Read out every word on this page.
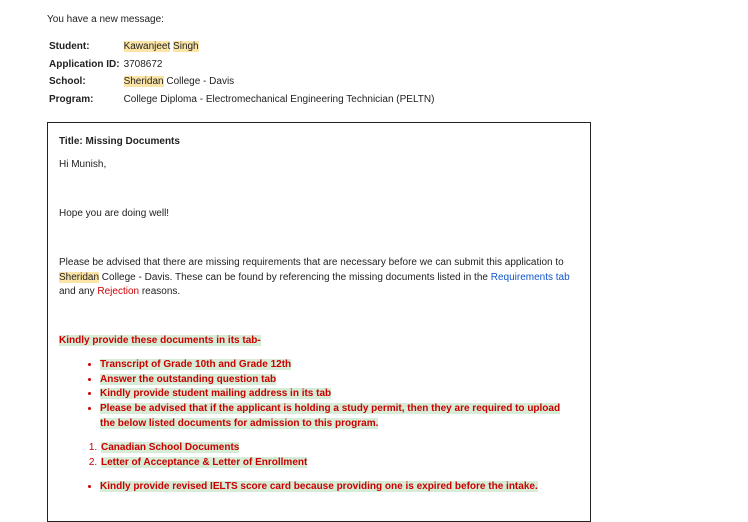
You have a new message:
Student:	Kawanjeet Singh
Application ID:	3708672
School:	Sheridan College - Davis
Program:	College Diploma - Electromechanical Engineering Technician (PELTN)

Title: Missing Documents

Hi Munish,

Hope you are doing well!

Please be advised that there are missing requirements that are necessary before we can submit this application to Sheridan College - Davis. These can be found by referencing the missing documents listed in the Requirements tab and any Rejection reasons.

Kindly provide these documents in its tab-

• Transcript of Grade 10th and Grade 12th
• Answer the outstanding question tab
• Kindly provide student mailing address in its tab
• Please be advised that if the applicant is holding a study permit, then they are required to upload the below listed documents for admission to this program.
1. Canadian School Documents
2. Letter of Acceptance & Letter of Enrollment
• Kindly provide revised IELTS score card because providing one is expired before the intake.
